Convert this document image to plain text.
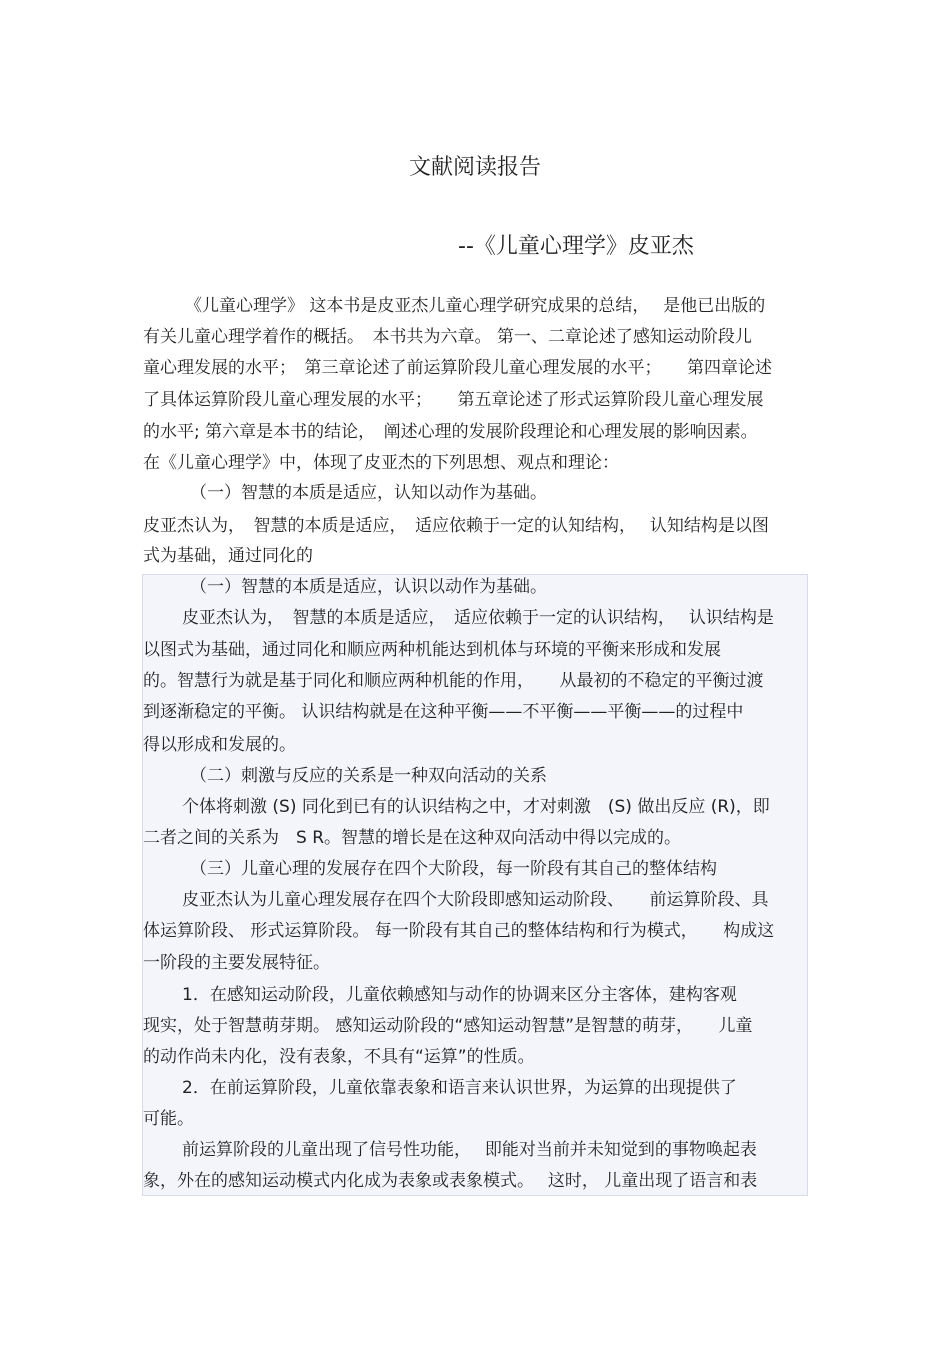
文献阅读报告
--《儿童心理学》皮亚杰
《儿童心理学》 这本书是皮亚杰儿童心理学研究成果的总结，　 是他已出版的
有关儿童心理学着作的概括。　本书共为六章。 第一、二章论述了感知运动阶段儿
童心理发展的水平；　第三章论述了前运算阶段儿童心理发展的水平；　　第四章论述
了具体运算阶段儿童心理发展的水平；　　第五章论述了形式运算阶段儿童心理发展
的水平; 第六章是本书的结论，　阐述心理的发展阶段理论和心理发展的影响因素。
在《儿童心理学》中，体现了皮亚杰的下列思想、观点和理论：
（一）智慧的本质是适应，认知以动作为基础。
皮亚杰认为，　智慧的本质是适应，　适应依赖于一定的认知结构，　 认知结构是以图
式为基础，通过同化的
（一）智慧的本质是适应，认识以动作为基础。
皮亚杰认为，　智慧的本质是适应，　适应依赖于一定的认识结构，　 认识结构是
以图式为基础，通过同化和顺应两种机能达到机体与环境的平衡来形成和发展
的。智慧行为就是基于同化和顺应两种机能的作用，　　从最初的不稳定的平衡过渡
到逐渐稳定的平衡。 认识结构就是在这种平衡——不平衡——平衡——的过程中
得以形成和发展的。
（二）刺激与反应的关系是一种双向活动的关系
个体将刺激 (S) 同化到已有的认识结构之中，才对刺激　(S) 做出反应 (R)，即
二者之间的关系为　S R。智慧的增长是在这种双向活动中得以完成的。
（三）儿童心理的发展存在四个大阶段，每一阶段有其自己的整体结构
皮亚杰认为儿童心理发展存在四个大阶段即感知运动阶段、　　前运算阶段、具
体运算阶段、 形式运算阶段。 每一阶段有其自己的整体结构和行为模式，　　构成这
一阶段的主要发展特征。
1．在感知运动阶段，儿童依赖感知与动作的协调来区分主客体，建构客观
现实，处于智慧萌芽期。 感知运动阶段的“感知运动智慧”是智慧的萌芽，　　儿童
的动作尚未内化，没有表象，不具有“运算”的性质。
2．在前运算阶段，儿童依靠表象和语言来认识世界，为运算的出现提供了
可能。
前运算阶段的儿童出现了信号性功能，　 即能对当前并未知觉到的事物唤起表
象，外在的感知运动模式内化成为表象或表象模式。　 这时， 儿童出现了语言和表
